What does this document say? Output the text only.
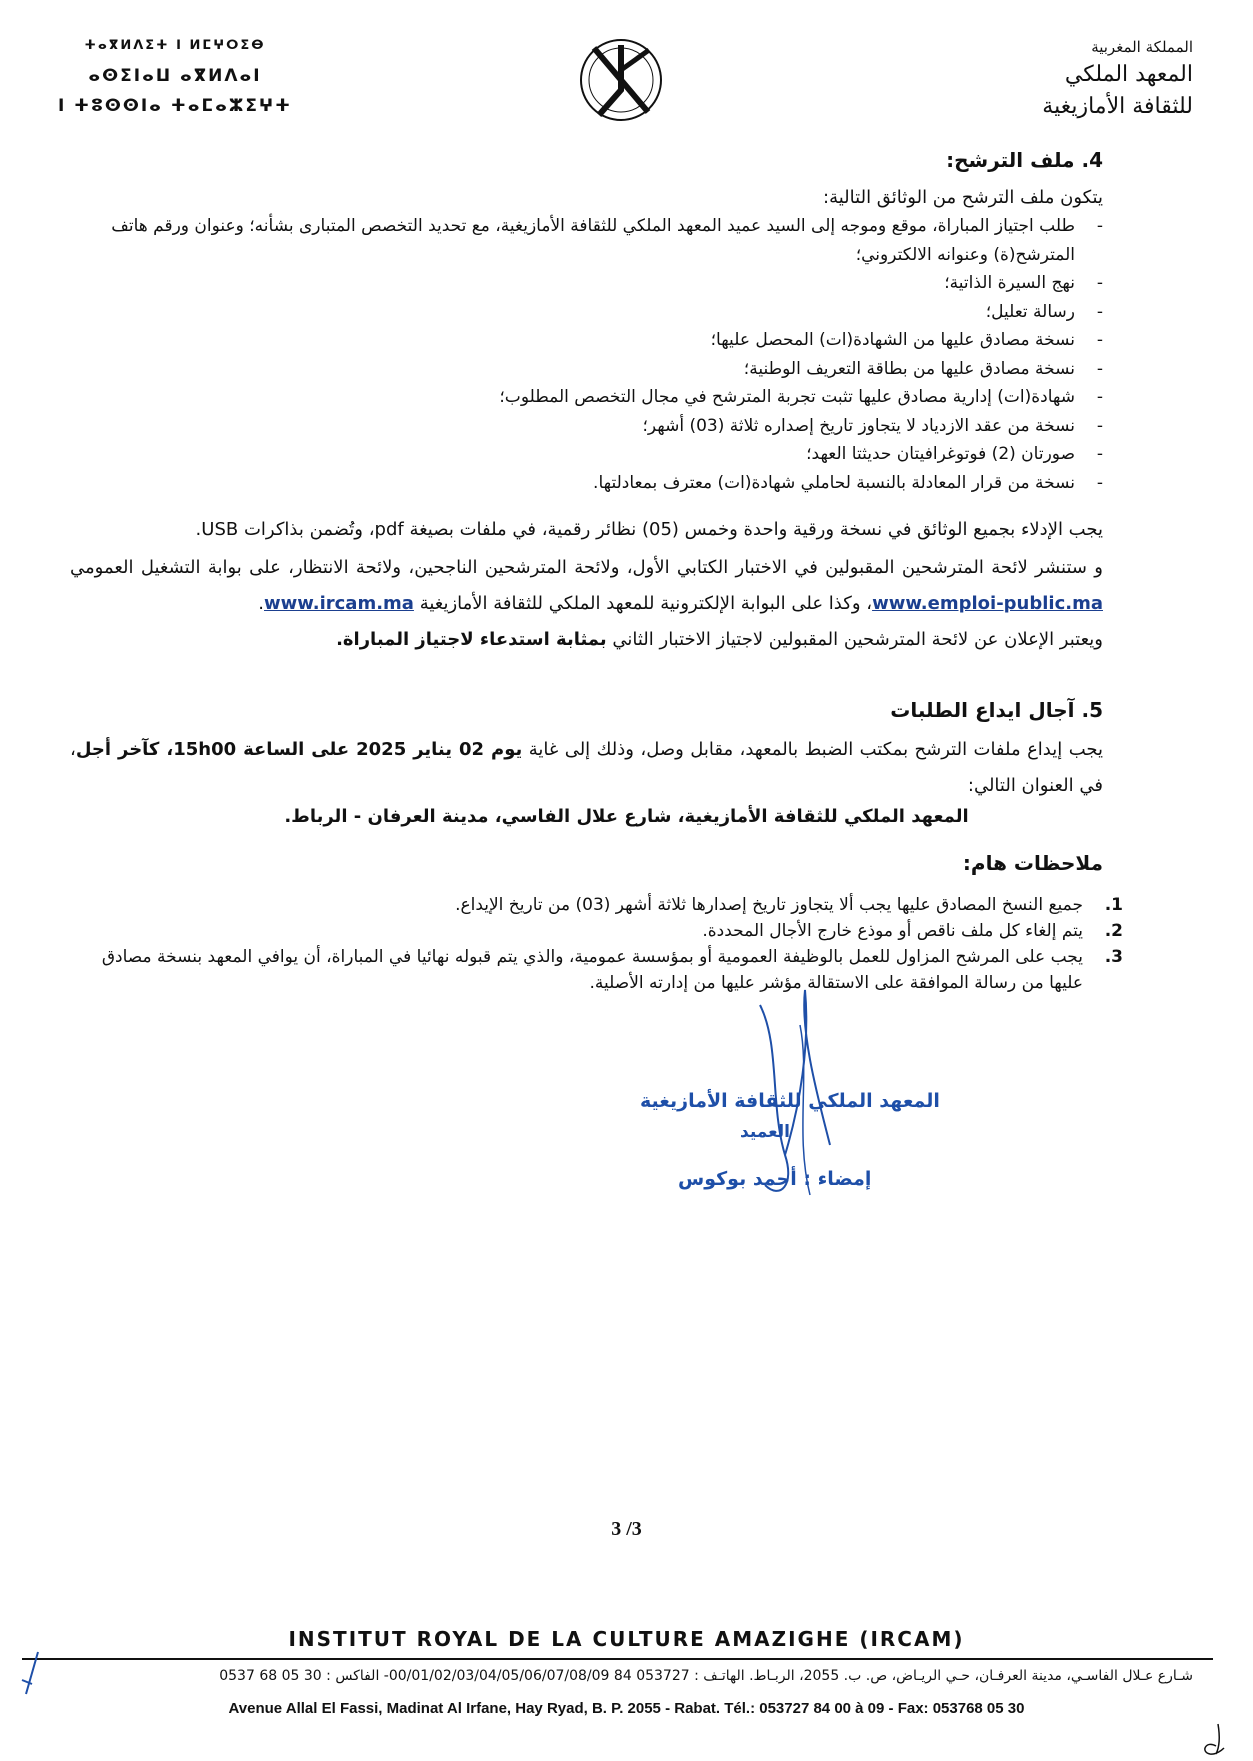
ⵜⴰⴳⵍⴷⵉⵜ ⵏ ⵍⵎⵖⵔⵉⴱ
ⴰⵙⵉⵏⴰⵡ ⴰⴳⵍⴷⴰⵏ
ⵏ ⵜⵓⵙⵙⵏⴰ ⵜⴰⵎⴰⵣⵉⵖⵜ
المملكة المغربية
المعهد الملكي
للثقافة الأمازيغية
4. ملف الترشح:
يتكون ملف الترشح من الوثائق التالية:
- طلب اجتياز المباراة، موقع وموجه إلى السيد عميد المعهد الملكي للثقافة الأمازيغية، مع تحديد التخصص المتبارى بشأنه؛ وعنوان ورقم هاتف المترشح(ة) وعنوانه الالكتروني؛
- نهج السيرة الذاتية؛
- رسالة تعليل؛
- نسخة مصادق عليها من الشهادة(ات) المحصل عليها؛
- نسخة مصادق عليها من بطاقة التعريف الوطنية؛
- شهادة(ات) إدارية مصادق عليها تثبت تجربة المترشح في مجال التخصص المطلوب؛
- نسخة من عقد الازدياد لا يتجاوز تاريخ إصداره ثلاثة (03) أشهر؛
- صورتان (2) فوتوغرافيتان حديثتا العهد؛
- نسخة من قرار المعادلة بالنسبة لحاملي شهادة(ات) معترف بمعادلتها.
يجب الإدلاء بجميع الوثائق في نسخة ورقية واحدة وخمس (05) نظائر رقمية، في ملفات بصيغة pdf، وتُضمن بذاكرات USB.
و ستنشر لائحة المترشحين المقبولين في الاختبار الكتابي الأول، ولائحة المترشحين الناجحين، ولائحة الانتظار، على بوابة التشغيل العمومي www.emploi-public.ma، وكذا على البوابة الإلكترونية للمعهد الملكي للثقافة الأمازيغية www.ircam.ma.
ويعتبر الإعلان عن لائحة المترشحين المقبولين لاجتياز الاختبار الثاني بمثابة استدعاء لاجتياز المباراة.
5. آجال ايداع الطلبات
يجب إيداع ملفات الترشح بمكتب الضبط بالمعهد، مقابل وصل، وذلك إلى غاية يوم 02 يناير 2025 على الساعة 15h00، كآخر أجل، في العنوان التالي:
المعهد الملكي للثقافة الأمازيغية، شارع علال الفاسي، مدينة العرفان - الرباط.
ملاحظات هام:
1.
جميع النسخ المصادق عليها يجب ألا يتجاوز تاريخ إصدارها ثلاثة أشهر (03) من تاريخ الإيداع.
2.
يتم إلغاء كل ملف ناقص أو موذع خارج الأجال المحددة.
3.
يجب على المرشح المزاول للعمل بالوظيفة العمومية أو بمؤسسة عمومية، والذي يتم قبوله نهائيا في المباراة، أن يوافي المعهد بنسخة مصادق عليها من رسالة الموافقة على الاستقالة مؤشر عليها من إدارته الأصلية.
المعهد الملكي للثقافة الأمازيغية
العميد
إمضاء : أحمد بوكوس
3 /3
INSTITUT ROYAL DE LA CULTURE AMAZIGHE (IRCAM)
شـارع عـلال الفاسـي، مدينة العرفـان، حـي الريـاض، ص. ب. 2055، الربـاط. الهاتـف : 053727 84 00/01/02/03/04/05/06/07/08/09- الفاكس : 30 05 68 0537
Avenue Allal El Fassi, Madinat Al Irfane, Hay Ryad, B. P. 2055 - Rabat. Tél.: 053727 84 00 à 09 - Fax: 053768 05 30
